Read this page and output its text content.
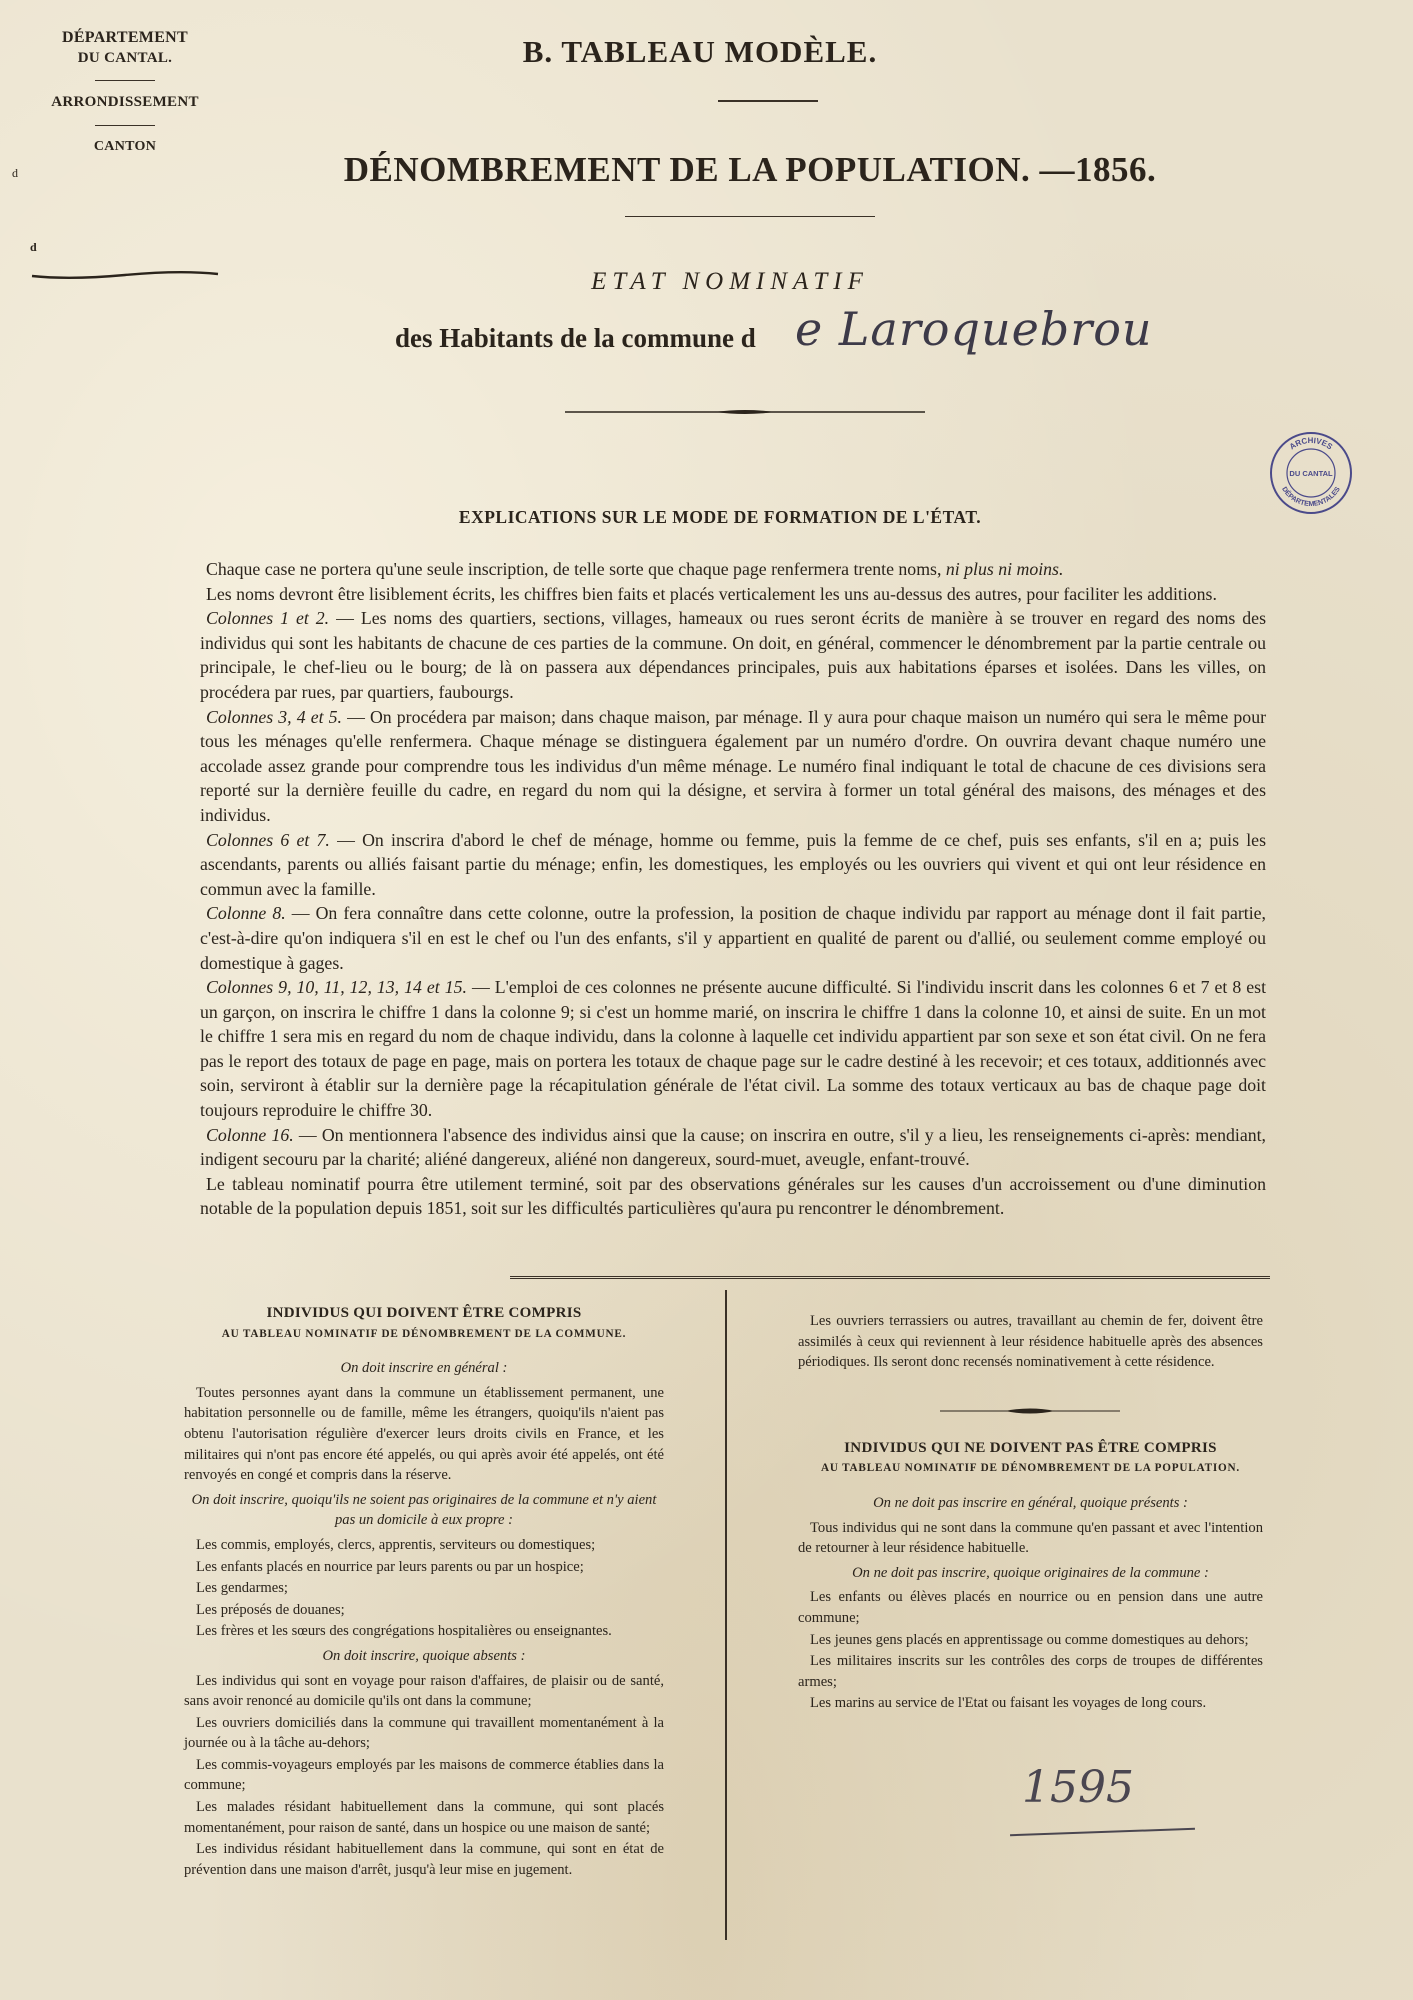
DÉPARTEMENT
DU CANTAL.
ARRONDISSEMENT
CANTON
d
d
B. TABLEAU MODÈLE.
DÉNOMBREMENT DE LA POPULATION. —1856.
ETAT NOMINATIF
des Habitants de la commune d e Laroquebrou
ARCHIVES
DÉPARTEMENTALES
DU CANTAL
EXPLICATIONS SUR LE MODE DE FORMATION DE L'ÉTAT.

Chaque case ne portera qu'une seule inscription, de telle sorte que chaque page renfermera trente noms, ni plus ni moins.

Les noms devront être lisiblement écrits, les chiffres bien faits et placés verticalement les uns au-dessus des autres, pour faciliter les additions.

Colonnes 1 et 2. — Les noms des quartiers, sections, villages, hameaux ou rues seront écrits de manière à se trouver en regard des noms des individus qui sont les habitants de chacune de ces parties de la commune. On doit, en général, commencer le dénombrement par la partie centrale ou principale, le chef-lieu ou le bourg; de là on passera aux dépendances principales, puis aux habitations éparses et isolées. Dans les villes, on procédera par rues, par quartiers, faubourgs.

Colonnes 3, 4 et 5. — On procédera par maison; dans chaque maison, par ménage. Il y aura pour chaque maison un numéro qui sera le même pour tous les ménages qu'elle renfermera. Chaque ménage se distinguera également par un numéro d'ordre. On ouvrira devant chaque numéro une accolade assez grande pour comprendre tous les individus d'un même ménage. Le numéro final indiquant le total de chacune de ces divisions sera reporté sur la dernière feuille du cadre, en regard du nom qui la désigne, et servira à former un total général des maisons, des ménages et des individus.

Colonnes 6 et 7. — On inscrira d'abord le chef de ménage, homme ou femme, puis la femme de ce chef, puis ses enfants, s'il en a; puis les ascendants, parents ou alliés faisant partie du ménage; enfin, les domestiques, les employés ou les ouvriers qui vivent et qui ont leur résidence en commun avec la famille.

Colonne 8. — On fera connaître dans cette colonne, outre la profession, la position de chaque individu par rapport au ménage dont il fait partie, c'est-à-dire qu'on indiquera s'il en est le chef ou l'un des enfants, s'il y appartient en qualité de parent ou d'allié, ou seulement comme employé ou domestique à gages.

Colonnes 9, 10, 11, 12, 13, 14 et 15. — L'emploi de ces colonnes ne présente aucune difficulté. Si l'individu inscrit dans les colonnes 6 et 7 et 8 est un garçon, on inscrira le chiffre 1 dans la colonne 9; si c'est un homme marié, on inscrira le chiffre 1 dans la colonne 10, et ainsi de suite. En un mot le chiffre 1 sera mis en regard du nom de chaque individu, dans la colonne à laquelle cet individu appartient par son sexe et son état civil. On ne fera pas le report des totaux de page en page, mais on portera les totaux de chaque page sur le cadre destiné à les recevoir; et ces totaux, additionnés avec soin, serviront à établir sur la dernière page la récapitulation générale de l'état civil. La somme des totaux verticaux au bas de chaque page doit toujours reproduire le chiffre 30.

Colonne 16. — On mentionnera l'absence des individus ainsi que la cause; on inscrira en outre, s'il y a lieu, les renseignements ci-après: mendiant, indigent secouru par la charité; aliéné dangereux, aliéné non dangereux, sourd-muet, aveugle, enfant-trouvé.

Le tableau nominatif pourra être utilement terminé, soit par des observations générales sur les causes d'un accroissement ou d'une diminution notable de la population depuis 1851, soit sur les difficultés particulières qu'aura pu rencontrer le dénombrement.

INDIVIDUS QUI DOIVENT ÊTRE COMPRIS
AU TABLEAU NOMINATIF DE DÉNOMBREMENT DE LA COMMUNE.
On doit inscrire en général :

Toutes personnes ayant dans la commune un établissement permanent, une habitation personnelle ou de famille, même les étrangers, quoiqu'ils n'aient pas obtenu l'autorisation régulière d'exercer leurs droits civils en France, et les militaires qui n'ont pas encore été appelés, ou qui après avoir été appelés, ont été renvoyés en congé et compris dans la réserve.

On doit inscrire, quoiqu'ils ne soient pas originaires de la commune et n'y aient pas un domicile à eux propre :

Les commis, employés, clercs, apprentis, serviteurs ou domestiques;

Les enfants placés en nourrice par leurs parents ou par un hospice;

Les gendarmes;

Les préposés de douanes;

Les frères et les sœurs des congrégations hospitalières ou enseignantes.

On doit inscrire, quoique absents :

Les individus qui sont en voyage pour raison d'affaires, de plaisir ou de santé, sans avoir renoncé au domicile qu'ils ont dans la commune;

Les ouvriers domiciliés dans la commune qui travaillent momentanément à la journée ou à la tâche au-dehors;

Les commis-voyageurs employés par les maisons de commerce établies dans la commune;

Les malades résidant habituellement dans la commune, qui sont placés momentanément, pour raison de santé, dans un hospice ou une maison de santé;

Les individus résidant habituellement dans la commune, qui sont en état de prévention dans une maison d'arrêt, jusqu'à leur mise en jugement.

Les ouvriers terrassiers ou autres, travaillant au chemin de fer, doivent être assimilés à ceux qui reviennent à leur résidence habituelle après des absences périodiques. Ils seront donc recensés nominativement à cette résidence.

INDIVIDUS QUI NE DOIVENT PAS ÊTRE COMPRIS
AU TABLEAU NOMINATIF DE DÉNOMBREMENT DE LA POPULATION.
On ne doit pas inscrire en général, quoique présents :

Tous individus qui ne sont dans la commune qu'en passant et avec l'intention de retourner à leur résidence habituelle.

On ne doit pas inscrire, quoique originaires de la commune :

Les enfants ou élèves placés en nourrice ou en pension dans une autre commune;

Les jeunes gens placés en apprentissage ou comme domestiques au dehors;

Les militaires inscrits sur les contrôles des corps de troupes de différentes armes;

Les marins au service de l'Etat ou faisant les voyages de long cours.

1595
